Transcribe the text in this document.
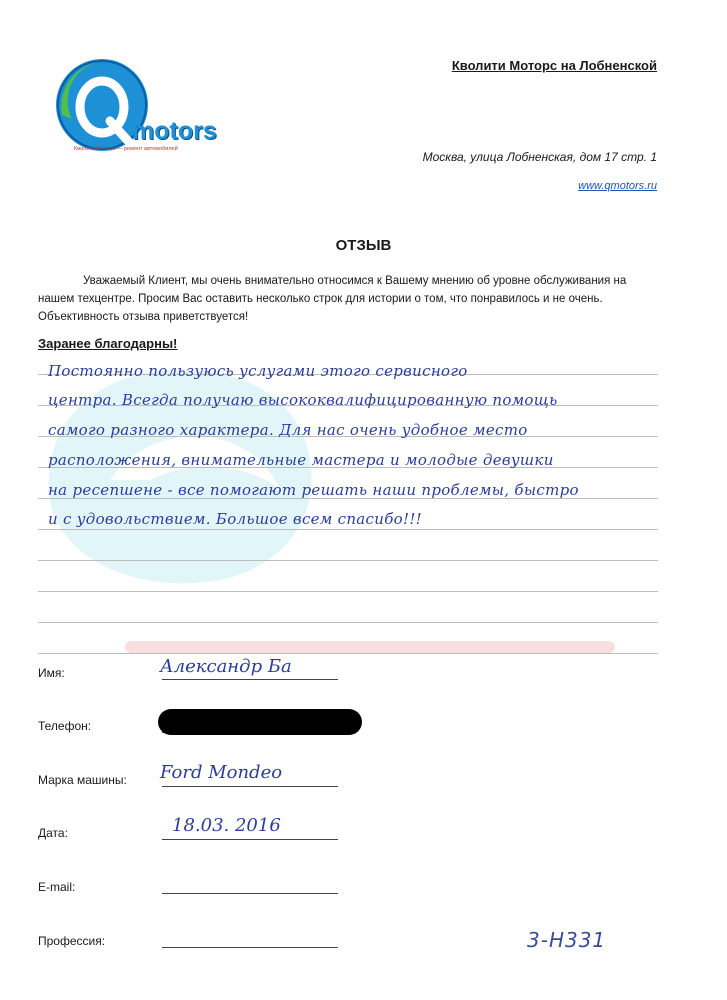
motors
Кволити Моторс — ремонт автомобилей
Кволити Моторс на Лобненской
Москва, улица Лобненская, дом 17 стр. 1
www.qmotors.ru
ОТЗЫВ
Уважаемый Клиент, мы очень внимательно относимся к Вашему мнению об уровне обслуживания на нашем техцентре. Просим Вас оставить несколько строк для истории о том, что понравилось и не очень. Объективность отзыва приветствуется!
Заранее благодарны!
Постоянно пользуюсь услугами этого сервисного
центра. Всегда получаю высококвалифицированную помощь
самого разного характера. Для нас очень удобное место
расположения, внимательные мастера и молодые девушки
на ресепшене - все помогают решать наши проблемы, быстро
и с удовольствием. Большое всем спасибо!!!
Имя:	Александр Ба
Телефон:
Марка машины: Ford Mondeo
Дата:	18.03. 2016
E-mail:
Профессия:	3-Н331
